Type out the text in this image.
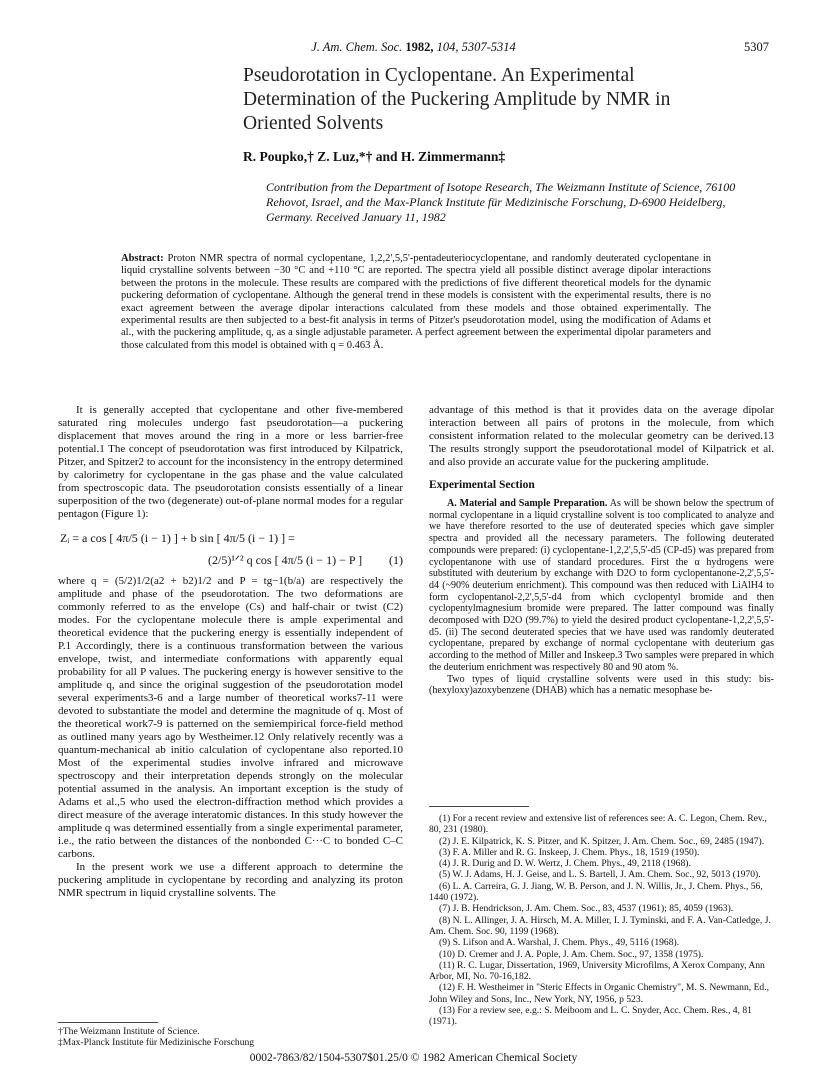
J. Am. Chem. Soc. 1982, 104, 5307-5314	5307
Pseudorotation in Cyclopentane. An Experimental Determination of the Puckering Amplitude by NMR in Oriented Solvents
R. Poupko,† Z. Luz,*† and H. Zimmermann‡
Contribution from the Department of Isotope Research, The Weizmann Institute of Science, 76100 Rehovot, Israel, and the Max-Planck Institute für Medizinische Forschung, D-6900 Heidelberg, Germany. Received January 11, 1982
Abstract: Proton NMR spectra of normal cyclopentane, 1,2,2',5,5'-pentadeuteriocyclopentane, and randomly deuterated cyclopentane in liquid crystalline solvents between −30 °C and +110 °C are reported. The spectra yield all possible distinct average dipolar interactions between the protons in the molecule. These results are compared with the predictions of five different theoretical models for the dynamic puckering deformation of cyclopentane. Although the general trend in these models is consistent with the experimental results, there is no exact agreement between the average dipolar interactions calculated from these models and those obtained experimentally. The experimental results are then subjected to a best-fit analysis in terms of Pitzer's pseudorotation model, using the modification of Adams et al., with the puckering amplitude, q, as a single adjustable parameter. A perfect agreement between the experimental dipolar parameters and those calculated from this model is obtained with q = 0.463 Å.

It is generally accepted that cyclopentane and other five-membered saturated ring molecules undergo fast pseudorotation—a puckering displacement that moves around the ring in a more or less barrier-free potential.1 The concept of pseudorotation was first introduced by Kilpatrick, Pitzer, and Spitzer2 to account for the inconsistency in the entropy determined by calorimetry for cyclopentane in the gas phase and the value calculated from spectroscopic data. The pseudorotation consists essentially of a linear superposition of the two (degenerate) out-of-plane normal modes for a regular pentagon (Figure 1):

Zᵢ = a cos [ 4π/5 (i − 1) ] + b sin [ 4π/5 (i − 1) ] =
(2/5)¹ᐟ² q cos [ 4π/5 (i − 1) − P ] (1)

where q = (5/2)1/2(a2 + b2)1/2 and P = tg−1(b/a) are respectively the amplitude and phase of the pseudorotation. The two deformations are commonly referred to as the envelope (Cs) and half-chair or twist (C2) modes. For the cyclopentane molecule there is ample experimental and theoretical evidence that the puckering energy is essentially independent of P.1 Accordingly, there is a continuous transformation between the various envelope, twist, and intermediate conformations with apparently equal probability for all P values. The puckering energy is however sensitive to the amplitude q, and since the original suggestion of the pseudorotation model several experiments3-6 and a large number of theoretical works7-11 were devoted to substantiate the model and determine the magnitude of q. Most of the theoretical work7-9 is patterned on the semiempirical force-field method as outlined many years ago by Westheimer.12 Only relatively recently was a quantum-mechanical ab initio calculation of cyclopentane also reported.10 Most of the experimental studies involve infrared and microwave spectroscopy and their interpretation depends strongly on the molecular potential assumed in the analysis. An important exception is the study of Adams et al.,5 who used the electron-diffraction method which provides a direct measure of the average interatomic distances. In this study however the amplitude q was determined essentially from a single experimental parameter, i.e., the ratio between the distances of the nonbonded C···C to bonded C–C carbons.

In the present work we use a different approach to determine the puckering amplitude in cyclopentane by recording and analyzing its proton NMR spectrum in liquid crystalline solvents. The

advantage of this method is that it provides data on the average dipolar interaction between all pairs of protons in the molecule, from which consistent information related to the molecular geometry can be derived.13 The results strongly support the pseudorotational model of Kilpatrick et al. and also provide an accurate value for the puckering amplitude.

Experimental Section

A. Material and Sample Preparation. As will be shown below the spectrum of normal cyclopentane in a liquid crystalline solvent is too complicated to analyze and we have therefore resorted to the use of deuterated species which gave simpler spectra and provided all the necessary parameters. The following deuterated compounds were prepared: (i) cyclopentane-1,2,2',5,5'-d5 (CP-d5) was prepared from cyclopentanone with use of standard procedures. First the α hydrogens were substituted with deuterium by exchange with D2O to form cyclopentanone-2,2',5,5'-d4 (~90% deuterium enrichment). This compound was then reduced with LiAlH4 to form cyclopentanol-2,2',5,5'-d4 from which cyclopentyl bromide and then cyclopentylmagnesium bromide were prepared. The latter compound was finally decomposed with D2O (99.7%) to yield the desired product cyclopentane-1,2,2',5,5'-d5. (ii) The second deuterated species that we have used was randomly deuterated cyclopentane, prepared by exchange of normal cyclopentane with deuterium gas according to the method of Miller and Inskeep.3 Two samples were prepared in which the deuterium enrichment was respectively 80 and 90 atom %.

Two types of liquid crystalline solvents were used in this study: bis-(hexyloxy)azoxybenzene (DHAB) which has a nematic mesophase be-

(1) For a recent review and extensive list of references see: A. C. Legon, Chem. Rev., 80, 231 (1980).
(2) J. E. Kilpatrick, K. S. Pitzer, and K. Spitzer, J. Am. Chem. Soc., 69, 2485 (1947).
(3) F. A. Miller and R. G. Inskeep, J. Chem. Phys., 18, 1519 (1950).
(4) J. R. Durig and D. W. Wertz, J. Chem. Phys., 49, 2118 (1968).
(5) W. J. Adams, H. J. Geise, and L. S. Bartell, J. Am. Chem. Soc., 92, 5013 (1970).
(6) L. A. Carreira, G. J. Jiang, W. B. Person, and J. N. Willis, Jr., J. Chem. Phys., 56, 1440 (1972).
(7) J. B. Hendrickson, J. Am. Chem. Soc., 83, 4537 (1961); 85, 4059 (1963).
(8) N. L. Allinger, J. A. Hirsch, M. A. Miller, I. J. Tyminski, and F. A. Van-Catledge, J. Am. Chem. Soc. 90, 1199 (1968).
(9) S. Lifson and A. Warshal, J. Chem. Phys., 49, 5116 (1968).
(10) D. Cremer and J. A. Pople, J. Am. Chem. Soc., 97, 1358 (1975).
(11) R. C. Lugar, Dissertation, 1969, University Microfilms, A Xerox Company, Ann Arbor, MI, No. 70-16,182.
(12) F. H. Westheimer in "Steric Effects in Organic Chemistry", M. S. Newmann, Ed., John Wiley and Sons, Inc., New York, NY, 1956, p 523.
(13) For a review see, e.g.: S. Meiboom and L. C. Snyder, Acc. Chem. Res., 4, 81 (1971).
†The Weizmann Institute of Science.
‡Max-Planck Institute für Medizinische Forschung
0002-7863/82/1504-5307$01.25/0 © 1982 American Chemical Society
